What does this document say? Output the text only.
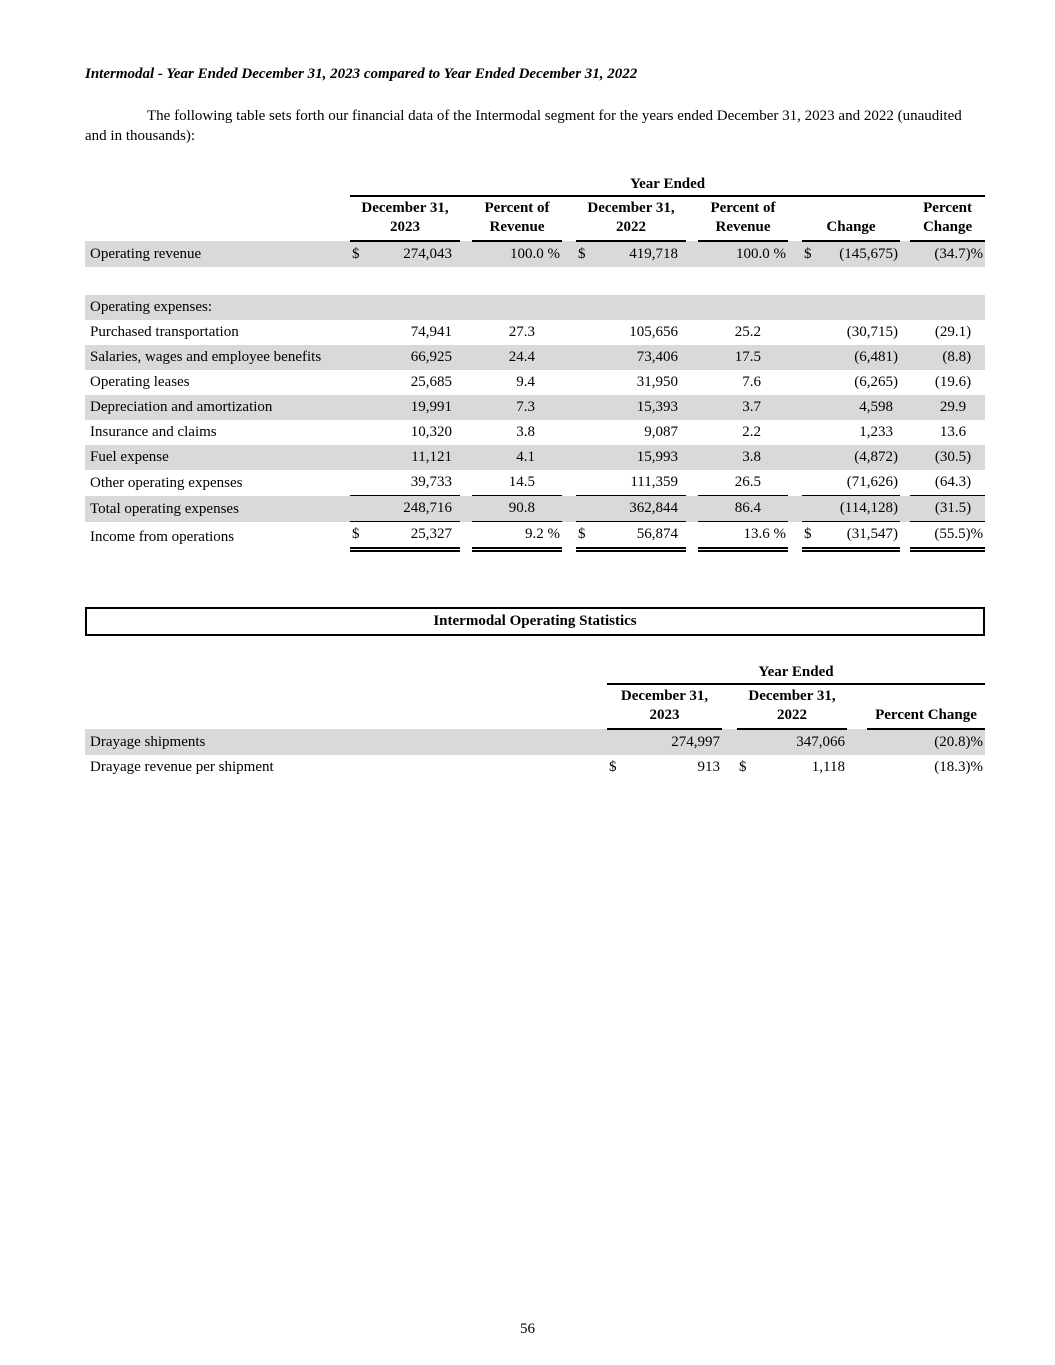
Intermodal - Year Ended December 31, 2023 compared to Year Ended December 31, 2022

The following table sets forth our financial data of the Intermodal segment for the years ended December 31, 2023 and 2022 (unaudited and in thousands):

	Year Ended													
	December 31, 2023			Percent of Revenue		December 31, 2022			Percent of Revenue		Change			Percent Change
Operating revenue	$	274,043		100.0 %		$	419,718		100.0 %		$	(145,675)		(34.7)%

Operating expenses:														
Purchased transportation		74,941		27.3			105,656		25.2			(30,715)		(29.1)
Salaries, wages and employee benefits		66,925		24.4			73,406		17.5			(6,481)		(8.8)
Operating leases		25,685		9.4			31,950		7.6			(6,265)		(19.6)
Depreciation and amortization		19,991		7.3			15,393		3.7			4,598		29.9
Insurance and claims		10,320		3.8			9,087		2.2			1,233		13.6
Fuel expense		11,121		4.1			15,993		3.8			(4,872)		(30.5)
Other operating expenses		39,733		14.5			111,359		26.5			(71,626)		(64.3)
Total operating expenses		248,716		90.8			362,844		86.4			(114,128)		(31.5)
Income from operations	$	25,327		9.2 %		$	56,874		13.6 %		$	(31,547)		(55.5)%
Intermodal Operating Statistics
	Year Ended						
	December 31, 2023			December 31, 2022			Percent Change
Drayage shipments		274,997			347,066		(20.8)%
Drayage revenue per shipment	$	913		$	1,118		(18.3)%
56
